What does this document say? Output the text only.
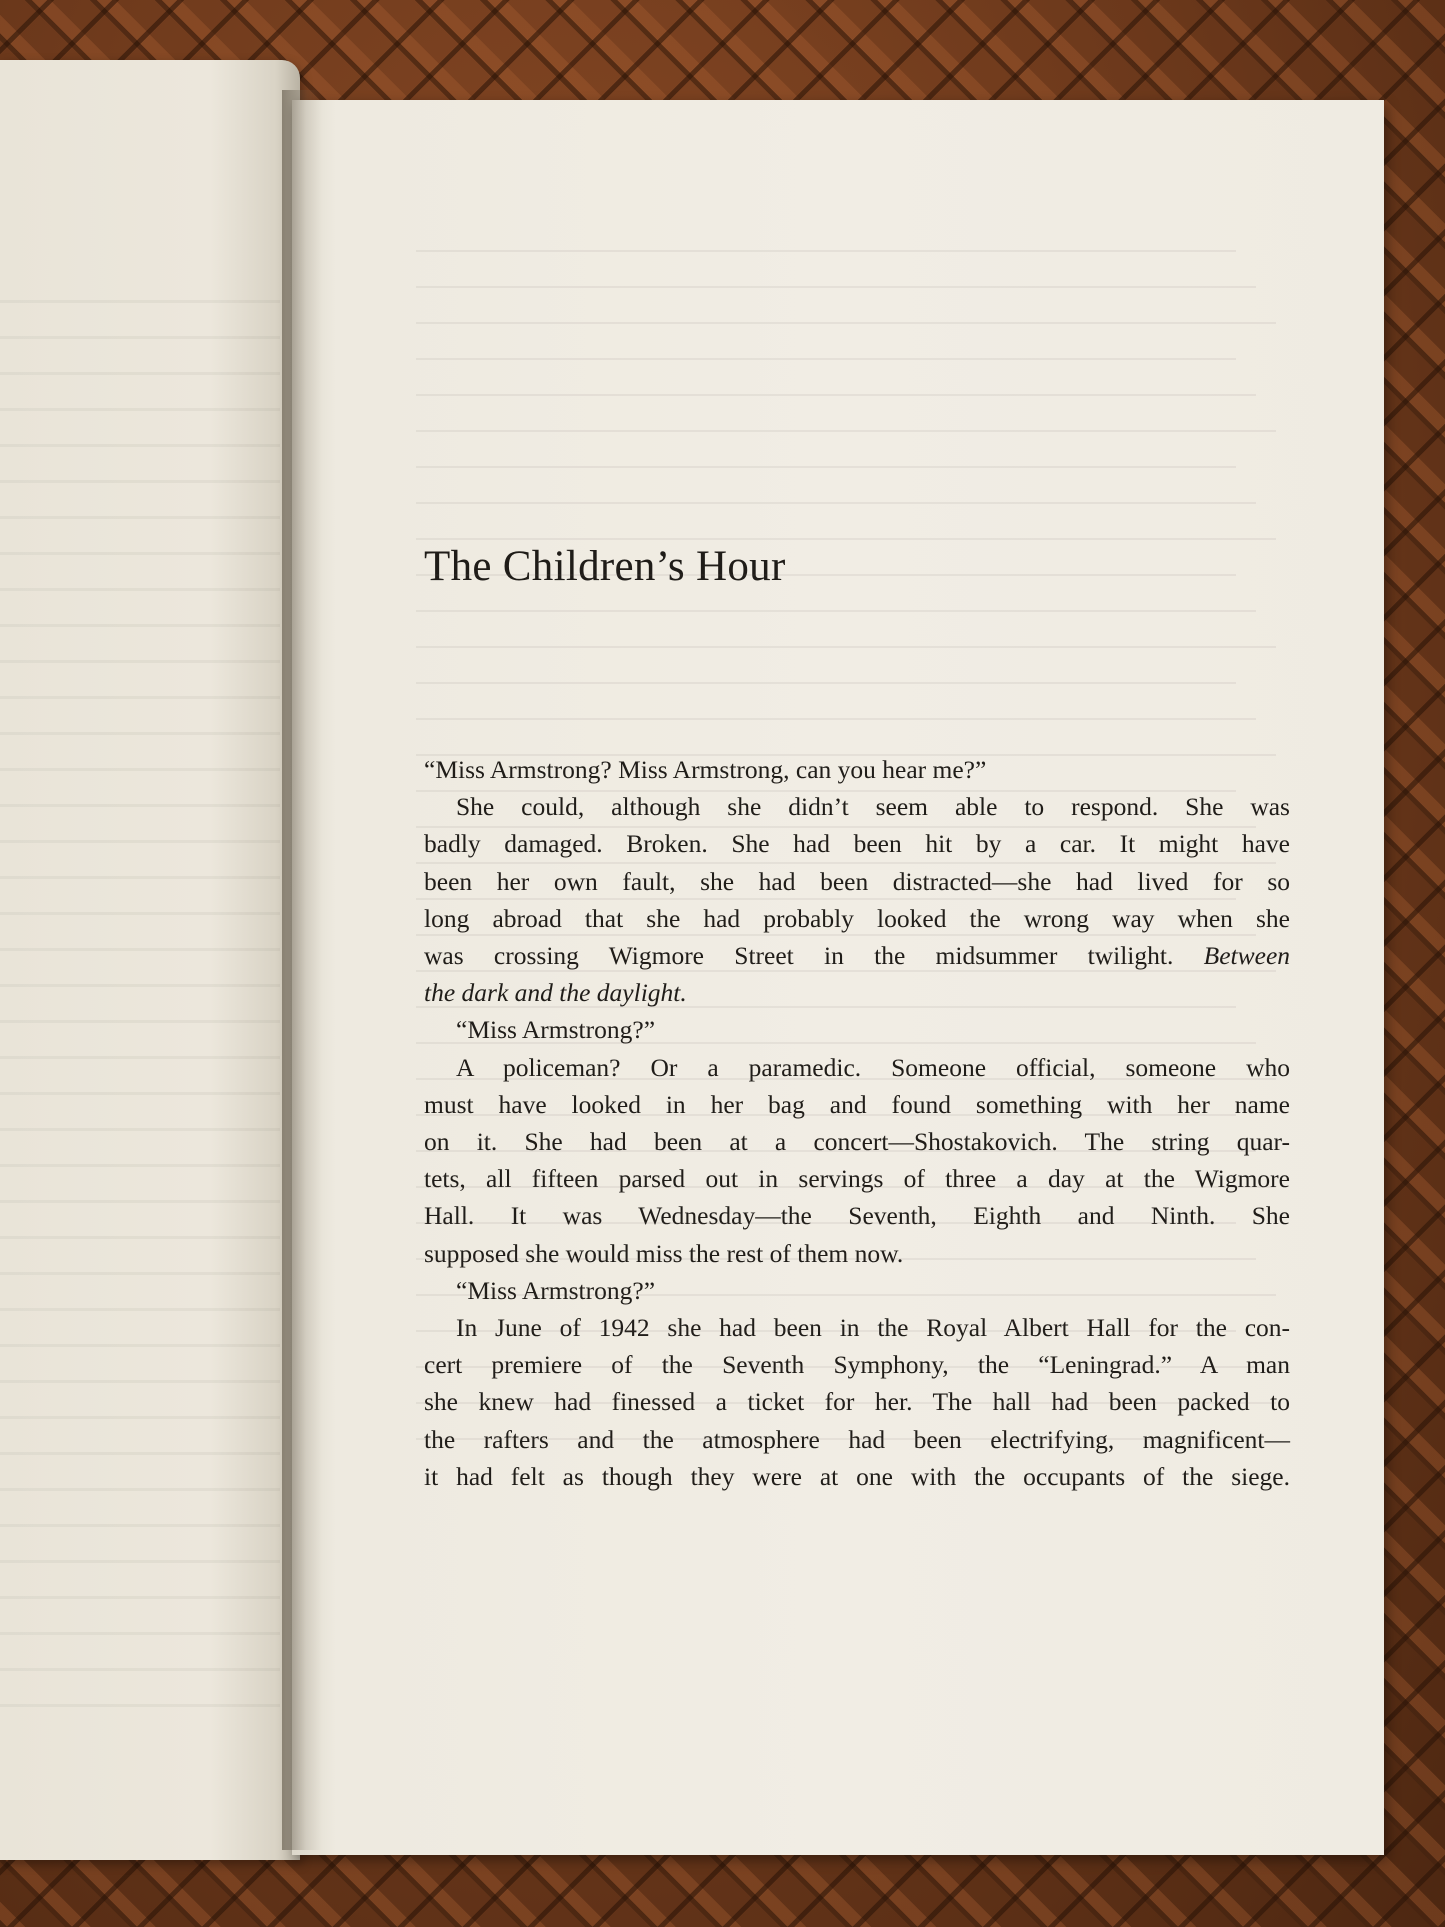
The Children’s Hour
“Miss Armstrong? Miss Armstrong, can you hear me?”
She could, although she didn’t seem able to respond. She was
badly damaged. Broken. She had been hit by a car. It might have
been her own fault, she had been distracted—she had lived for so
long abroad that she had probably looked the wrong way when she
was crossing Wigmore Street in the midsummer twilight. Between
the dark and the daylight.
“Miss Armstrong?”
A policeman? Or a paramedic. Someone official, someone who
must have looked in her bag and found something with her name
on it. She had been at a concert—Shostakovich. The string quar-
tets, all fifteen parsed out in servings of three a day at the Wigmore
Hall. It was Wednesday—the Seventh, Eighth and Ninth. She
supposed she would miss the rest of them now.
“Miss Armstrong?”
In June of 1942 she had been in the Royal Albert Hall for the con-
cert premiere of the Seventh Symphony, the “Leningrad.” A man
she knew had finessed a ticket for her. The hall had been packed to
the rafters and the atmosphere had been electrifying, magnificent—
it had felt as though they were at one with the occupants of the siege.
